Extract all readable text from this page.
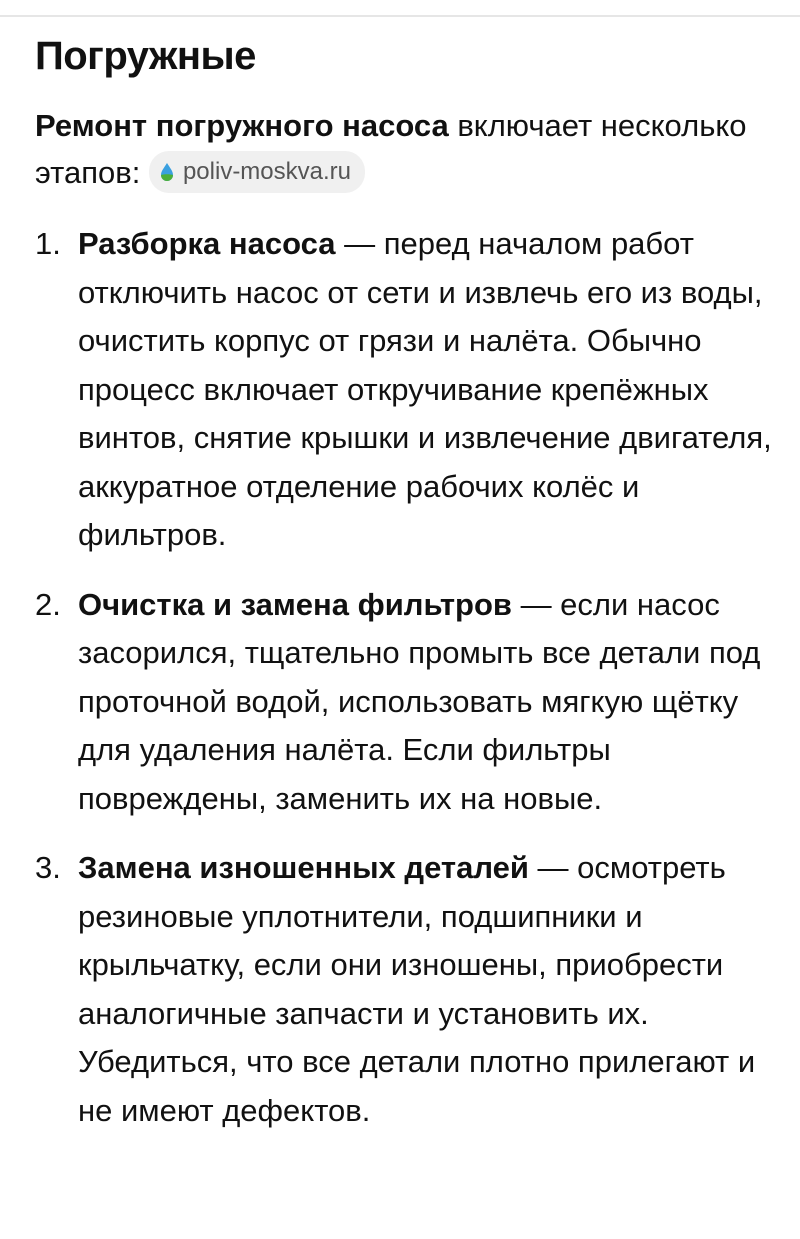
Погружные
Ремонт погружного насоса включает несколько этапов: poliv-moskva.ru
1. Разборка насоса — перед началом работ отключить насос от сети и извлечь его из воды, очистить корпус от грязи и налёта. Обычно процесс включает откручивание крепёжных винтов, снятие крышки и извлечение двигателя, аккуратное отделение рабочих колёс и фильтров.
2. Очистка и замена фильтров — если насос засорился, тщательно промыть все детали под проточной водой, использовать мягкую щётку для удаления налёта. Если фильтры повреждены, заменить их на новые.
3. Замена изношенных деталей — осмотреть резиновые уплотнители, подшипники и крыльчатку, если они изношены, приобрести аналогичные запчасти и установить их. Убедиться, что все детали плотно прилегают и не имеют дефектов.
